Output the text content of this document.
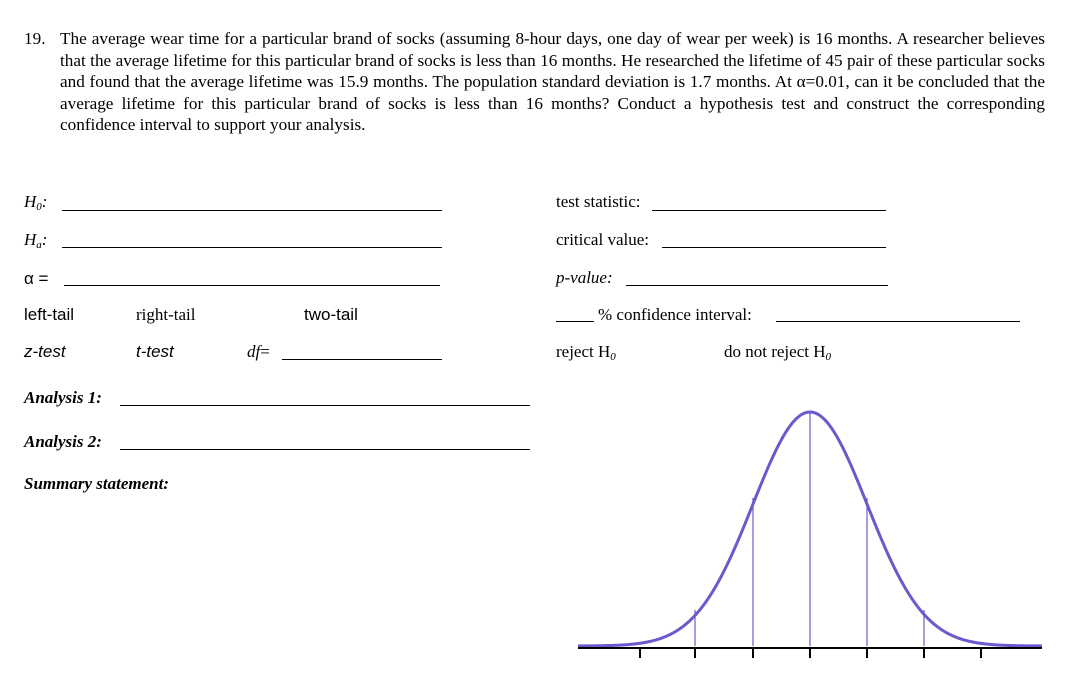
19. The average wear time for a particular brand of socks (assuming 8-hour days, one day of wear per week) is 16 months. A researcher believes that the average lifetime for this particular brand of socks is less than 16 months. He researched the lifetime of 45 pair of these particular socks and found that the average lifetime was 15.9 months. The population standard deviation is 1.7 months. At α=0.01, can it be concluded that the average lifetime for this particular brand of socks is less than 16 months? Conduct a hypothesis test and construct the corresponding confidence interval to support your analysis.
$H_0$:
$H_a$:
α =
left-tail	right-tail	two-tail
z-test	t-test	df=
Analysis 1:
Analysis 2:
Summary statement:
test statistic:
critical value:
p-value:
% confidence interval:
reject $H_0$	do not reject $H_0$
